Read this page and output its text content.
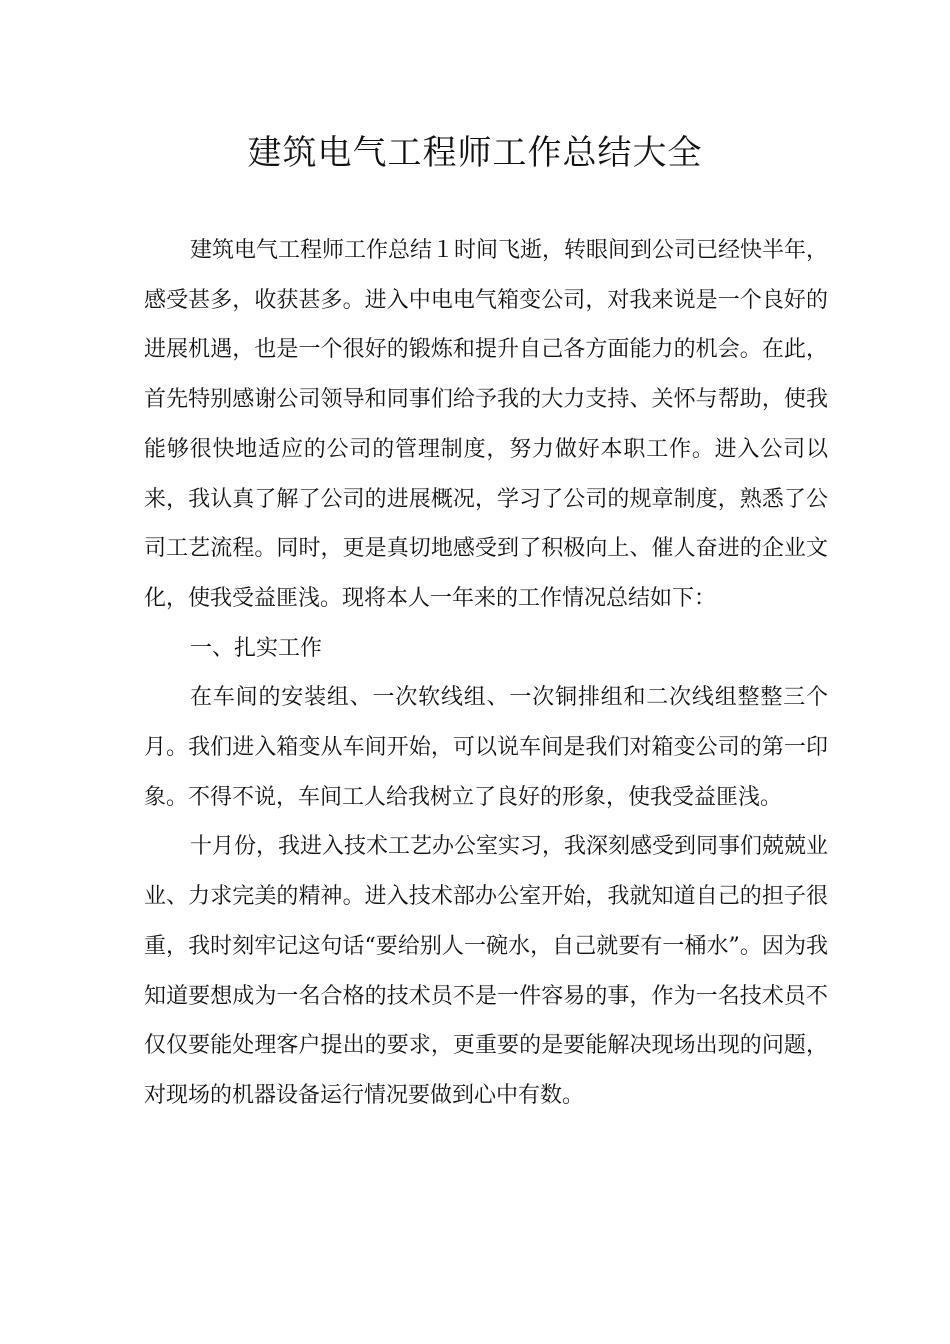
建筑电气工程师工作总结大全

建筑电气工程师工作总结１时间飞逝，转眼间到公司已经快半年，感受甚多，收获甚多。进入中电电气箱变公司，对我来说是一个良好的进展机遇，也是一个很好的锻炼和提升自己各方面能力的机会。在此，首先特别感谢公司领导和同事们给予我的大力支持、关怀与帮助，使我能够很快地适应的公司的管理制度，努力做好本职工作。进入公司以来，我认真了解了公司的进展概况，学习了公司的规章制度，熟悉了公司工艺流程。同时，更是真切地感受到了积极向上、催人奋进的企业文化，使我受益匪浅。现将本人一年来的工作情况总结如下：

一、扎实工作

在车间的安装组、一次软线组、一次铜排组和二次线组整整三个月。我们进入箱变从车间开始，可以说车间是我们对箱变公司的第一印象。不得不说，车间工人给我树立了良好的形象，使我受益匪浅。

十月份，我进入技术工艺办公室实习，我深刻感受到同事们兢兢业业、力求完美的精神。进入技术部办公室开始，我就知道自己的担子很重，我时刻牢记这句话“要给别人一碗水，自己就要有一桶水”。因为我知道要想成为一名合格的技术员不是一件容易的事，作为一名技术员不仅仅要能处理客户提出的要求，更重要的是要能解决现场出现的问题，对现场的机器设备运行情况要做到心中有数。
